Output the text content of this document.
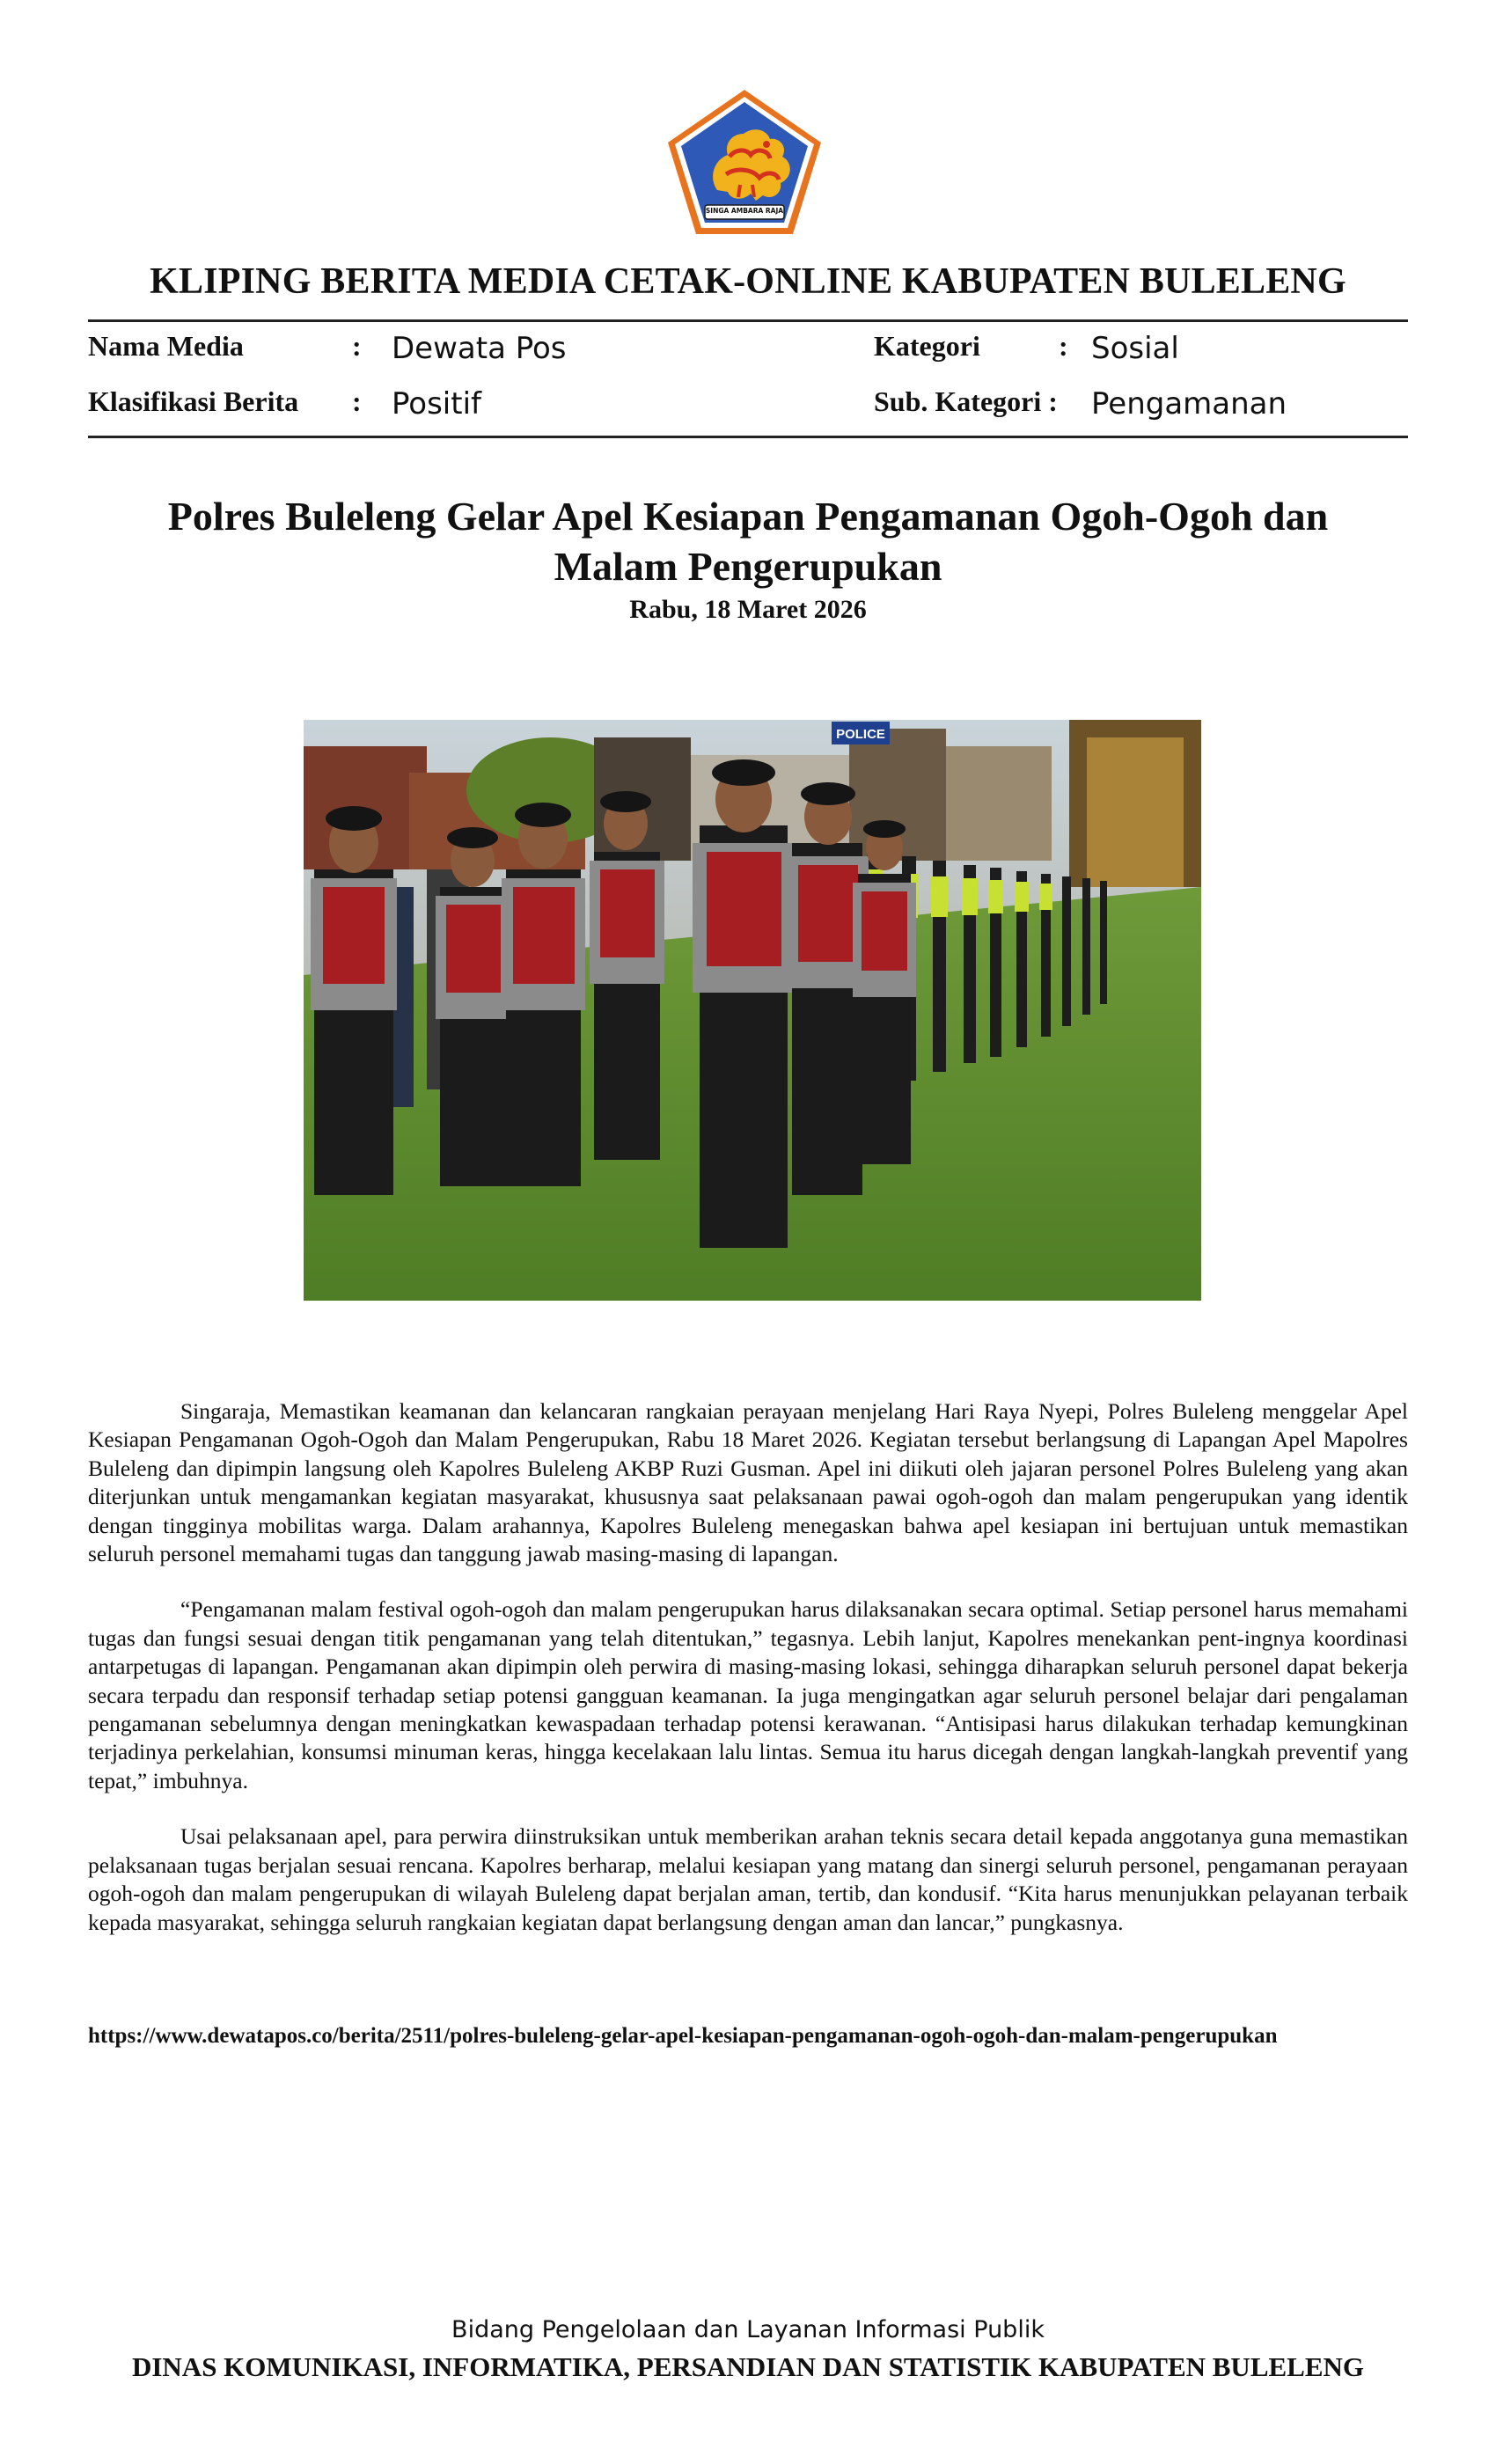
SINGA AMBARA RAJA
KLIPING BERITA MEDIA CETAK-ONLINE KABUPATEN BULELENG
Nama Media	: Dewata Pos
Klasifikasi Berita : Positif
Kategori	: Sosial
Sub. Kategori : Pengamanan
Polres Buleleng Gelar Apel Kesiapan Pengamanan Ogoh-Ogoh dan Malam Pengerupukan
Rabu, 18 Maret 2026
POLICE

Singaraja, Memastikan keamanan dan kelancaran rangkaian perayaan menjelang Hari Raya Nyepi, Polres Buleleng menggelar Apel Kesiapan Pengamanan Ogoh-Ogoh dan Malam Pengerupukan, Rabu 18 Maret 2026. Kegiatan tersebut berlangsung di Lapangan Apel Mapolres Buleleng dan dipimpin langsung oleh Kapolres Buleleng AKBP Ruzi Gusman. Apel ini diikuti oleh jajaran personel Polres Buleleng yang akan diterjunkan untuk mengamankan kegiatan masyarakat, khususnya saat pelaksanaan pawai ogoh-ogoh dan malam pengerupukan yang identik dengan tingginya mobilitas warga. Dalam arahannya, Kapolres Buleleng menegaskan bahwa apel kesiapan ini bertujuan untuk memastikan seluruh personel memahami tugas dan tanggung jawab masing-masing di lapangan.

“Pengamanan malam festival ogoh-ogoh dan malam pengerupukan harus dilaksanakan secara optimal. Setiap personel harus memahami tugas dan fungsi sesuai dengan titik pengamanan yang telah ditentukan,” tegasnya. Lebih lanjut, Kapolres menekankan pent-ingnya koordinasi antarpetugas di lapangan. Pengamanan akan dipimpin oleh perwira di masing-masing lokasi, sehingga diharapkan seluruh personel dapat bekerja secara terpadu dan responsif terhadap setiap potensi gangguan keamanan. Ia juga mengingatkan agar seluruh personel belajar dari pengalaman pengamanan sebelumnya dengan meningkatkan kewaspadaan terhadap potensi kerawanan. “Antisipasi harus dilakukan terhadap kemungkinan terjadinya perkelahian, konsumsi minuman keras, hingga kecelakaan lalu lintas. Semua itu harus dicegah dengan langkah-langkah preventif yang tepat,” imbuhnya.

Usai pelaksanaan apel, para perwira diinstruksikan untuk memberikan arahan teknis secara detail kepada anggotanya guna memastikan pelaksanaan tugas berjalan sesuai rencana. Kapolres berharap, melalui kesiapan yang matang dan sinergi seluruh personel, pengamanan perayaan ogoh-ogoh dan malam pengerupukan di wilayah Buleleng dapat berjalan aman, tertib, dan kondusif. “Kita harus menunjukkan pelayanan terbaik kepada masyarakat, sehingga seluruh rangkaian kegiatan dapat berlangsung dengan aman dan lancar,” pungkasnya.

https://www.dewatapos.co/berita/2511/polres-buleleng-gelar-apel-kesiapan-pengamanan-ogoh-ogoh-dan-malam-pengerupukan
Bidang Pengelolaan dan Layanan Informasi Publik
DINAS KOMUNIKASI, INFORMATIKA, PERSANDIAN DAN STATISTIK KABUPATEN BULELENG
